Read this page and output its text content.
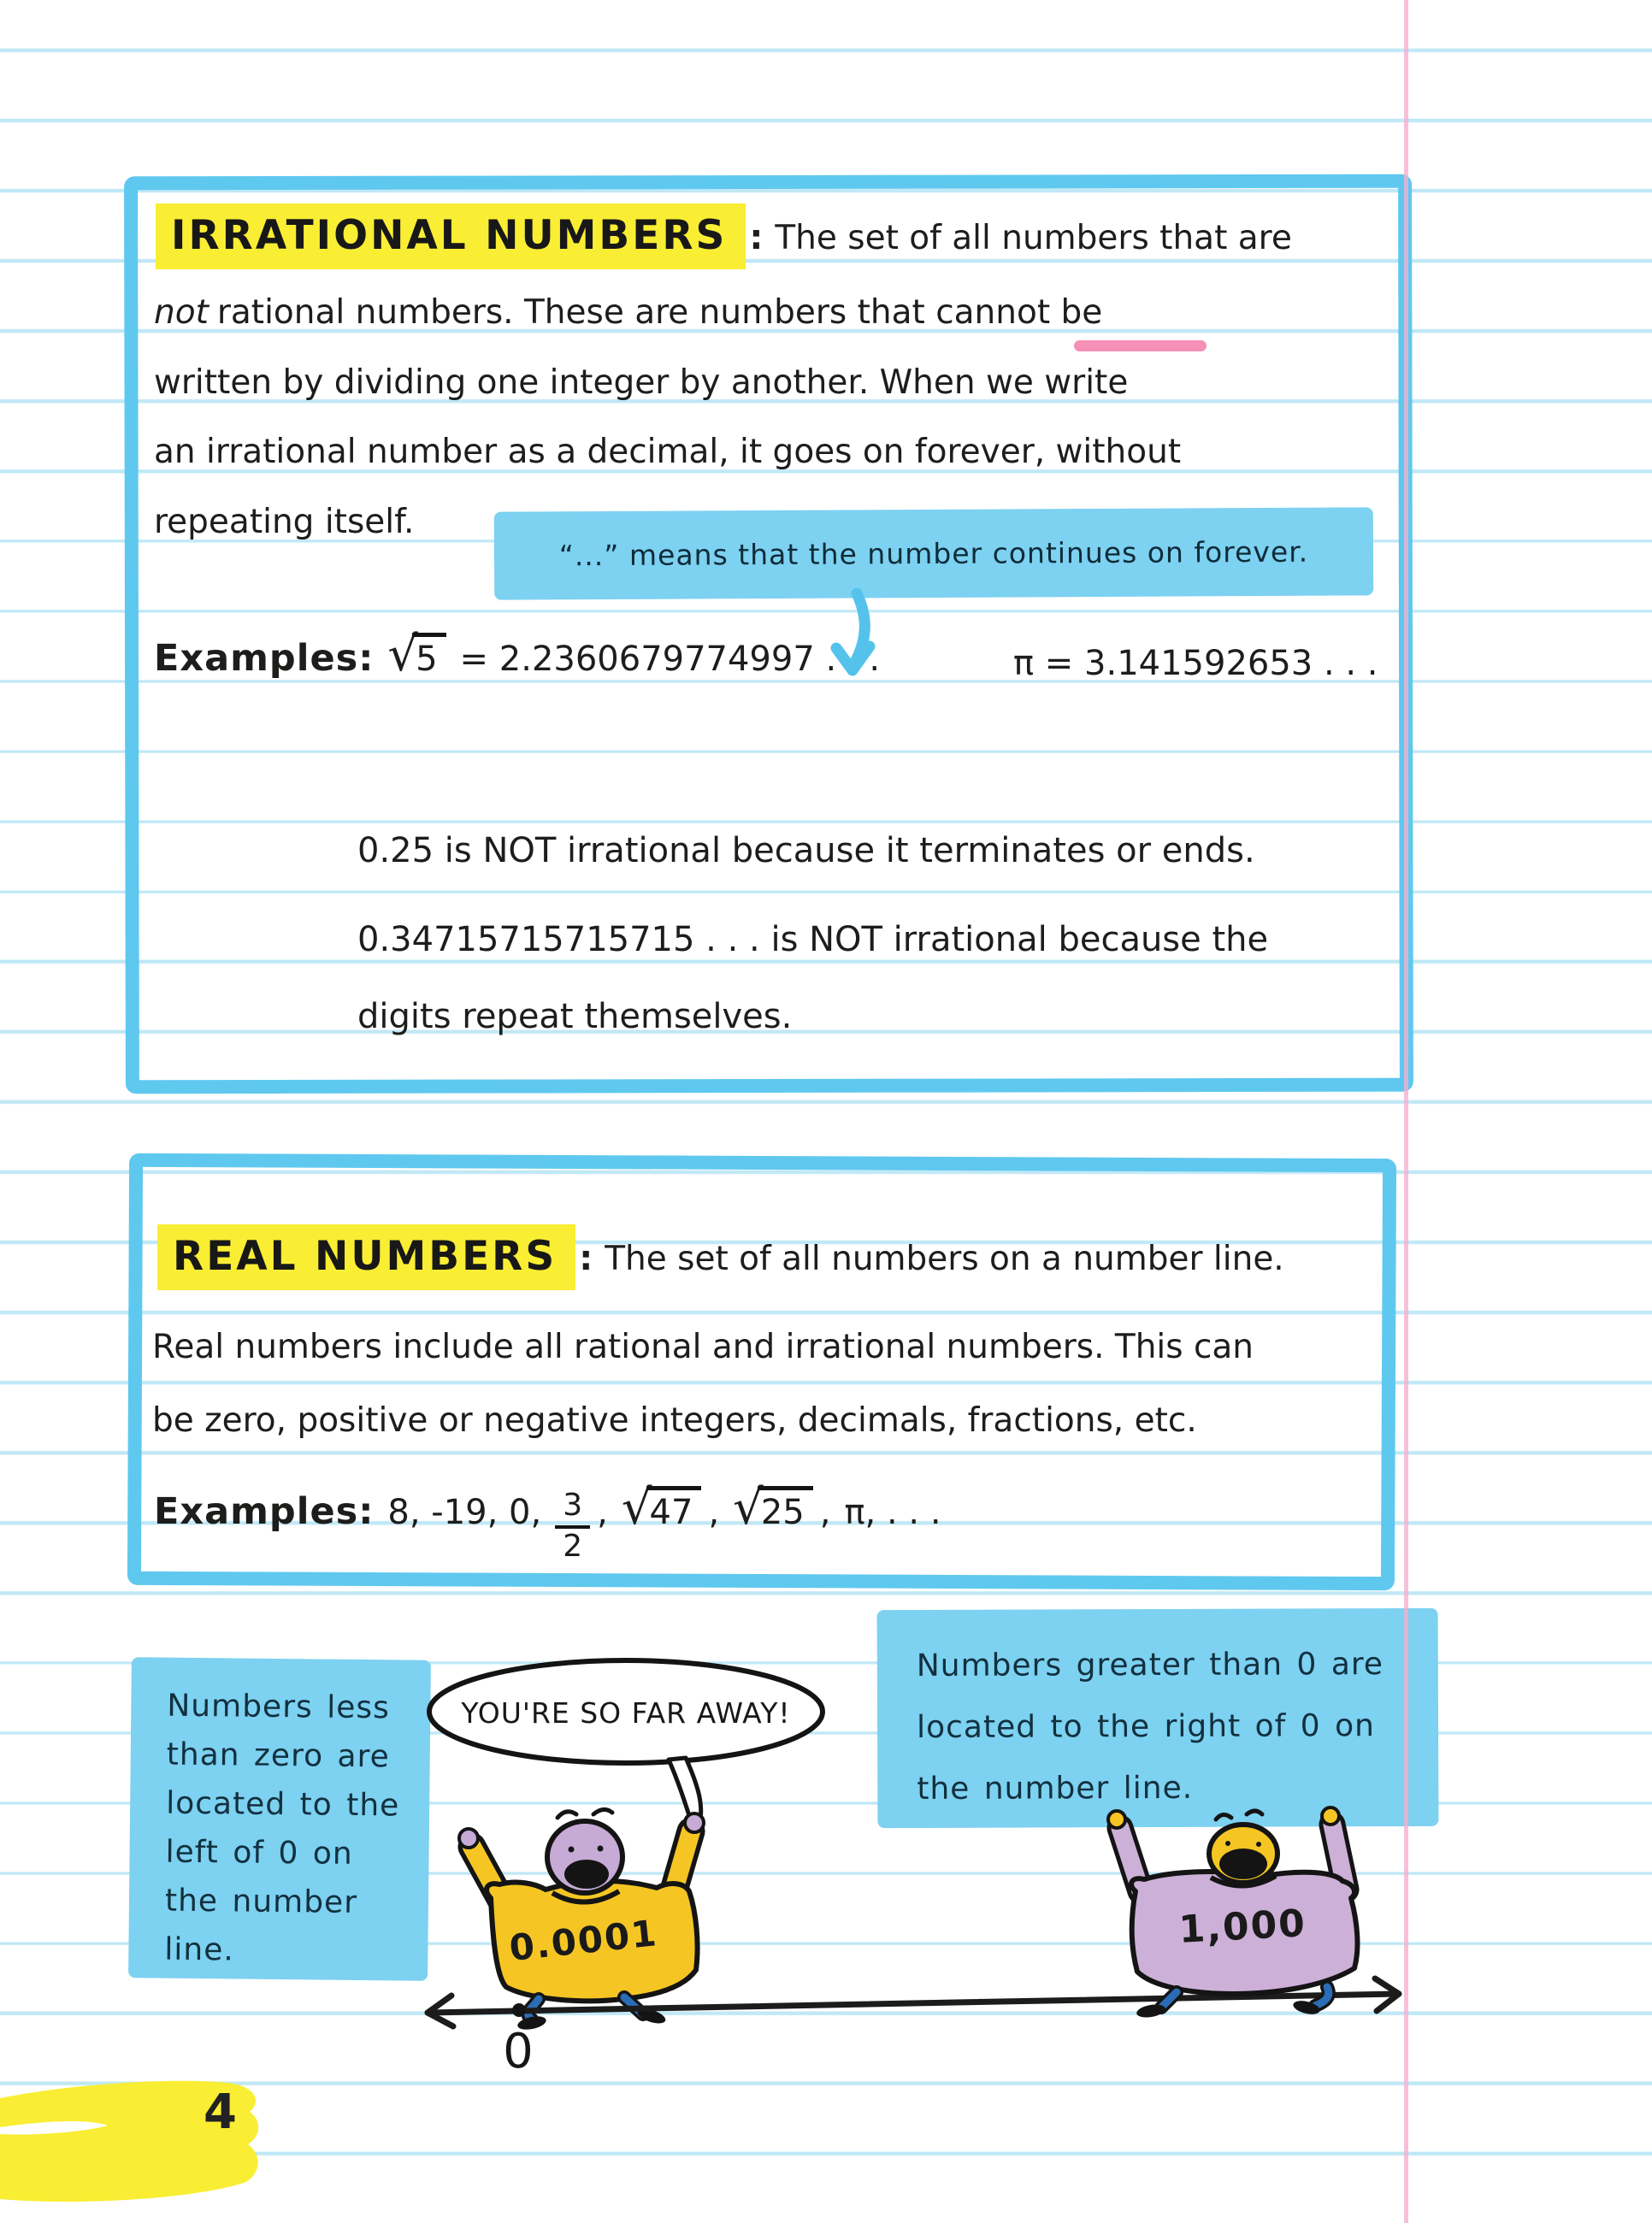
IRRATIONAL NUMBERS : The set of all numbers that are
not rational numbers. These are numbers that cannot be
written by dividing one integer by another. When we write
an irrational number as a decimal, it goes on forever, without
repeating itself.
“...” means that the number continues on forever.
Examples: √
5 = 2.2360679774997 . . .	π = 3.141592653 . . .
0.25 is NOT irrational because it terminates or ends.
0.34715715715715 . . . is NOT irrational because the
digits repeat themselves.
REAL NUMBERS : The set of all numbers on a number line.
Real numbers include all rational and irrational numbers. This can
be zero, positive or negative integers, decimals, fractions, etc.
Examples: 8, -19, 0, $\frac{3}{2}$ , √
47 , √
25 , π, . . .
Numbers less
than zero are
located to the
left of 0 on
the number
line.
Numbers greater than 0 are
located to the right of 0 on
the number line.
YOU'RE SO FAR AWAY!
0.0001
0
1,000
4
